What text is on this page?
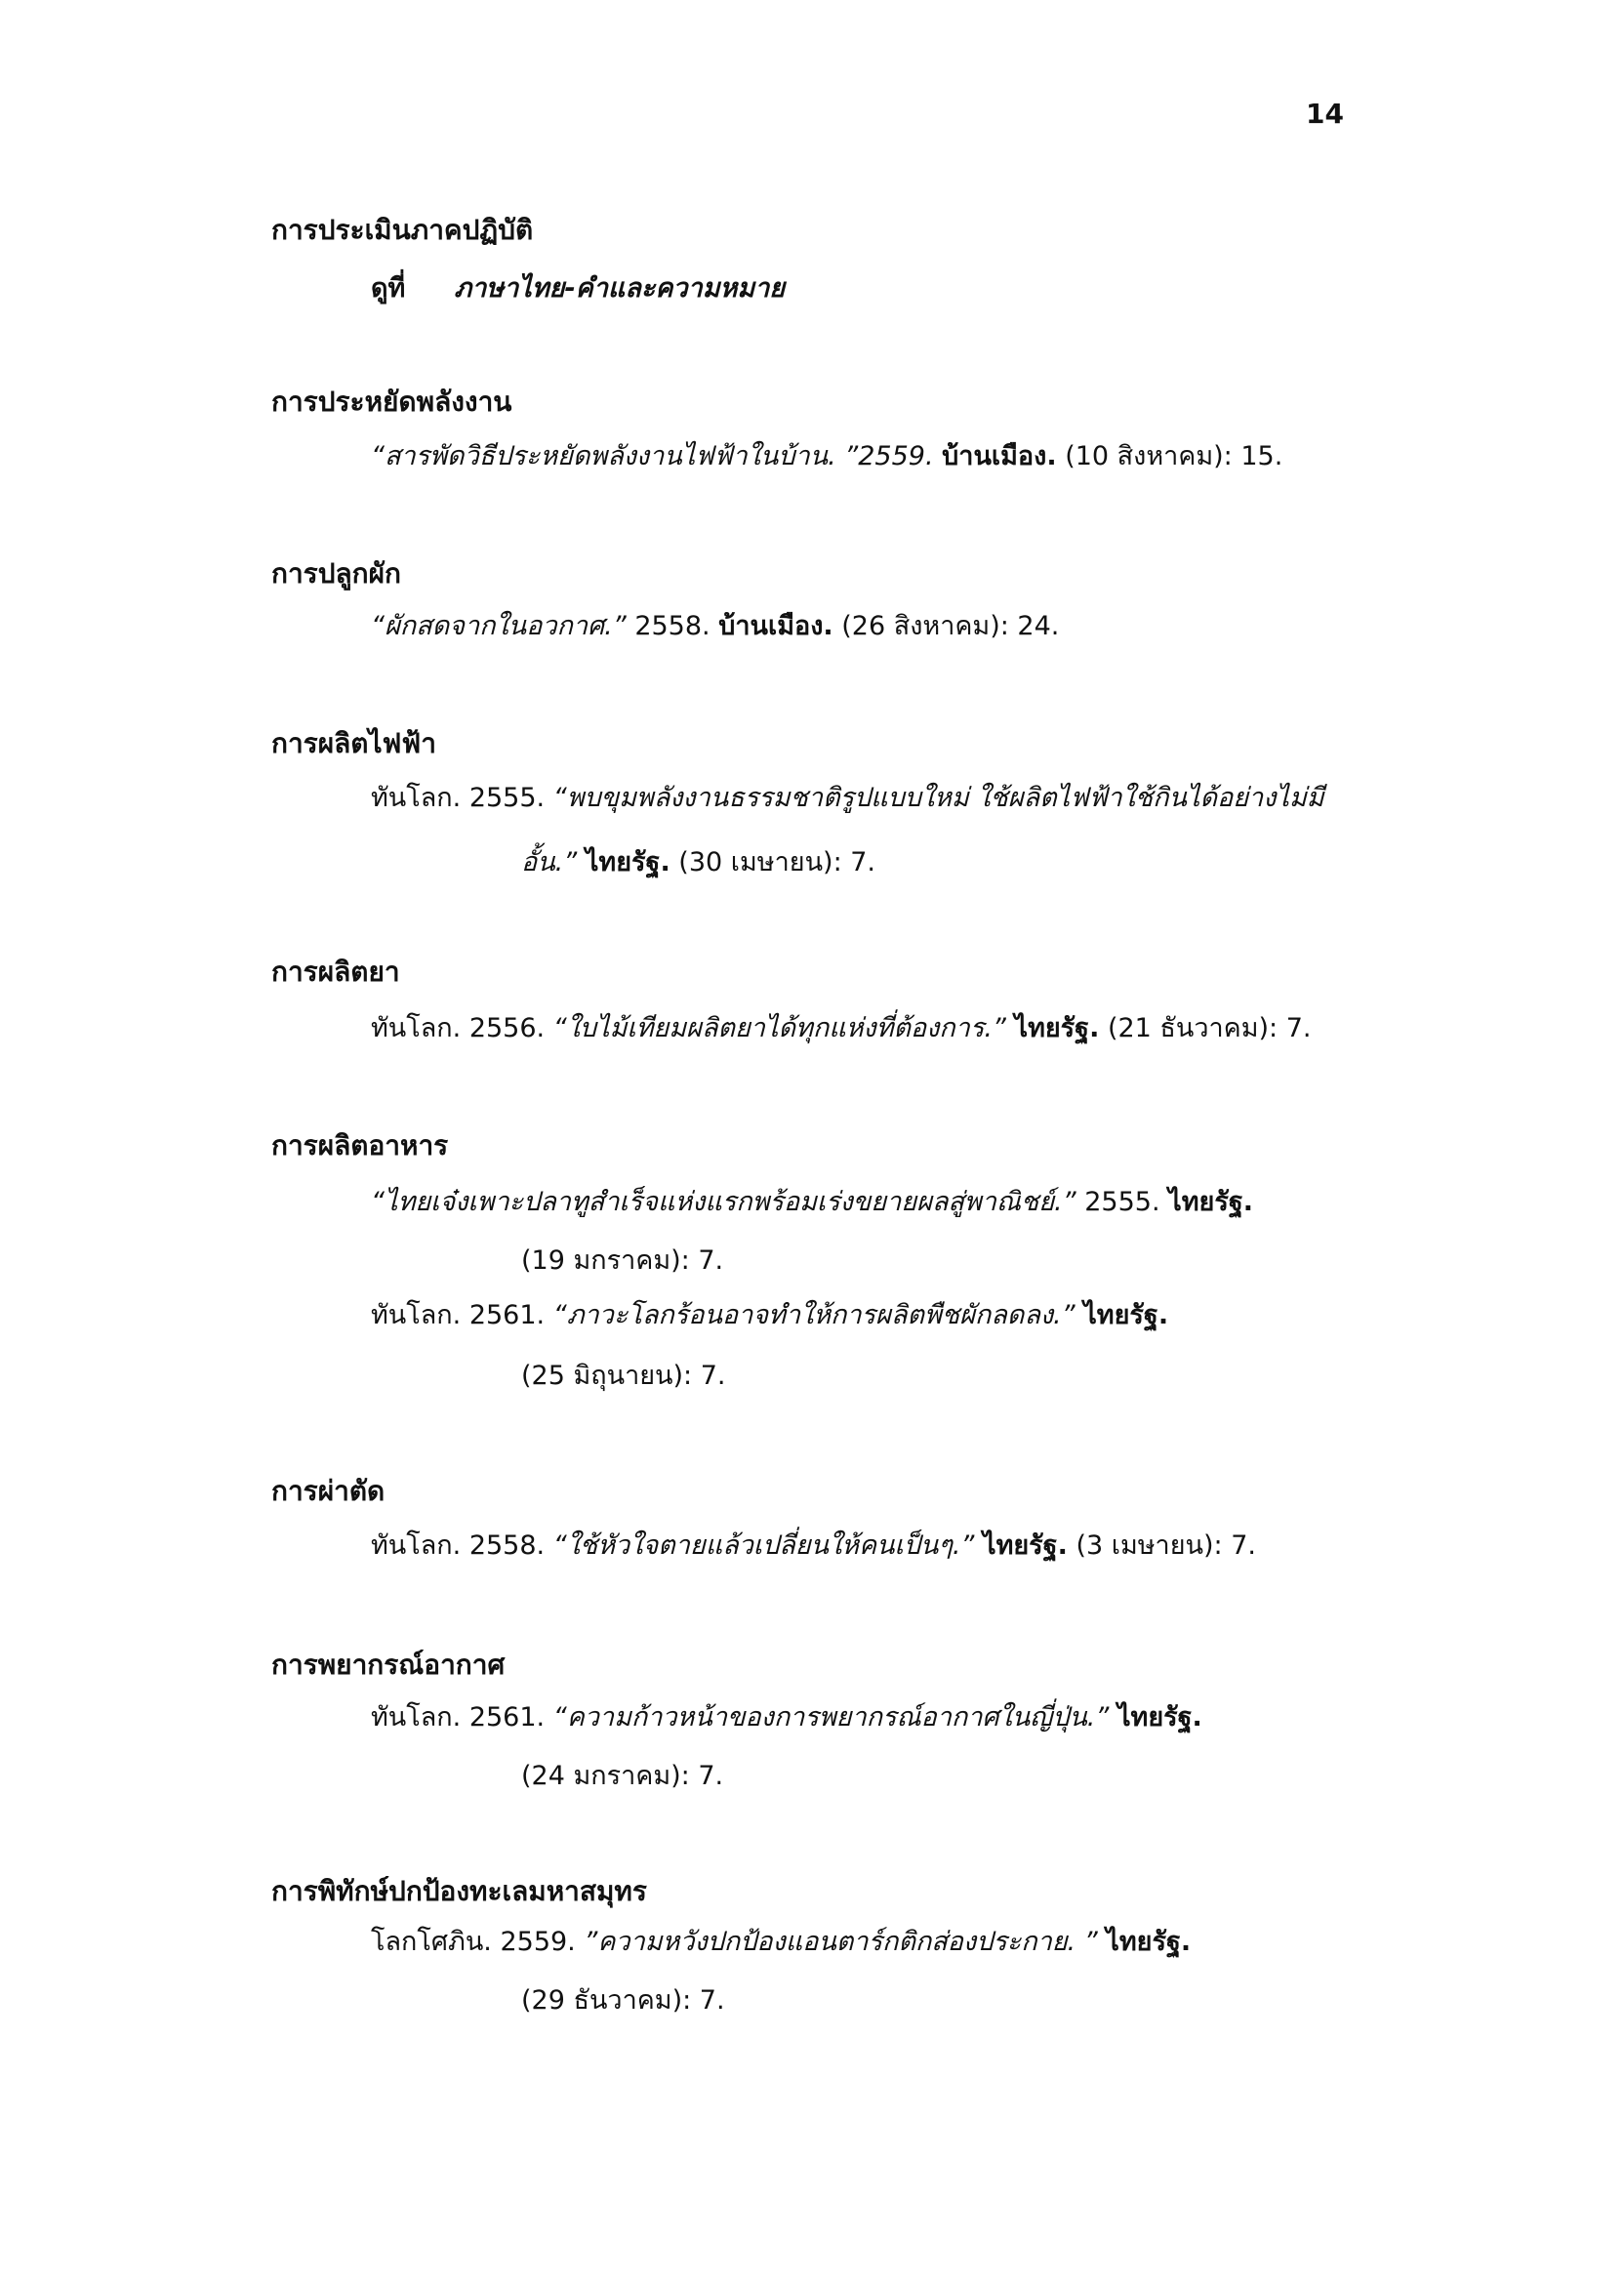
14
การประเมินภาคปฏิบัติ
ดูที่ ภาษาไทย-คำและความหมาย
การประหยัดพลังงาน
“สารพัดวิธีประหยัดพลังงานไฟฟ้าในบ้าน. ”2559. บ้านเมือง. (10 สิงหาคม): 15.
การปลูกผัก
“ผักสดจากในอวกาศ.” 2558. บ้านเมือง. (26 สิงหาคม): 24.
การผลิตไฟฟ้า
ทันโลก. 2555. “พบขุมพลังงานธรรมชาติรูปแบบใหม่ ใช้ผลิตไฟฟ้าใช้กินได้อย่างไม่มี
อั้น.” ไทยรัฐ. (30 เมษายน): 7.
การผลิตยา
ทันโลก. 2556. “ใบไม้เทียมผลิตยาได้ทุกแห่งที่ต้องการ.” ไทยรัฐ. (21 ธันวาคม): 7.
การผลิตอาหาร
“ไทยเจ๋งเพาะปลาทูสำเร็จแห่งแรกพร้อมเร่งขยายผลสู่พาณิชย์.” 2555. ไทยรัฐ.
(19 มกราคม): 7.
ทันโลก. 2561. “ภาวะโลกร้อนอาจทำให้การผลิตพืชผักลดลง.” ไทยรัฐ.
(25 มิถุนายน): 7.
การผ่าตัด
ทันโลก. 2558. “ใช้หัวใจตายแล้วเปลี่ยนให้คนเป็นๆ.” ไทยรัฐ. (3 เมษายน): 7.
การพยากรณ์อากาศ
ทันโลก. 2561. “ความก้าวหน้าของการพยากรณ์อากาศในญี่ปุ่น.” ไทยรัฐ.
(24 มกราคม): 7.
การพิทักษ์ปกป้องทะเลมหาสมุทร
โลกโศภิน. 2559. ”ความหวังปกป้องแอนตาร์กติกส่องประกาย. ” ไทยรัฐ.
(29 ธันวาคม): 7.
